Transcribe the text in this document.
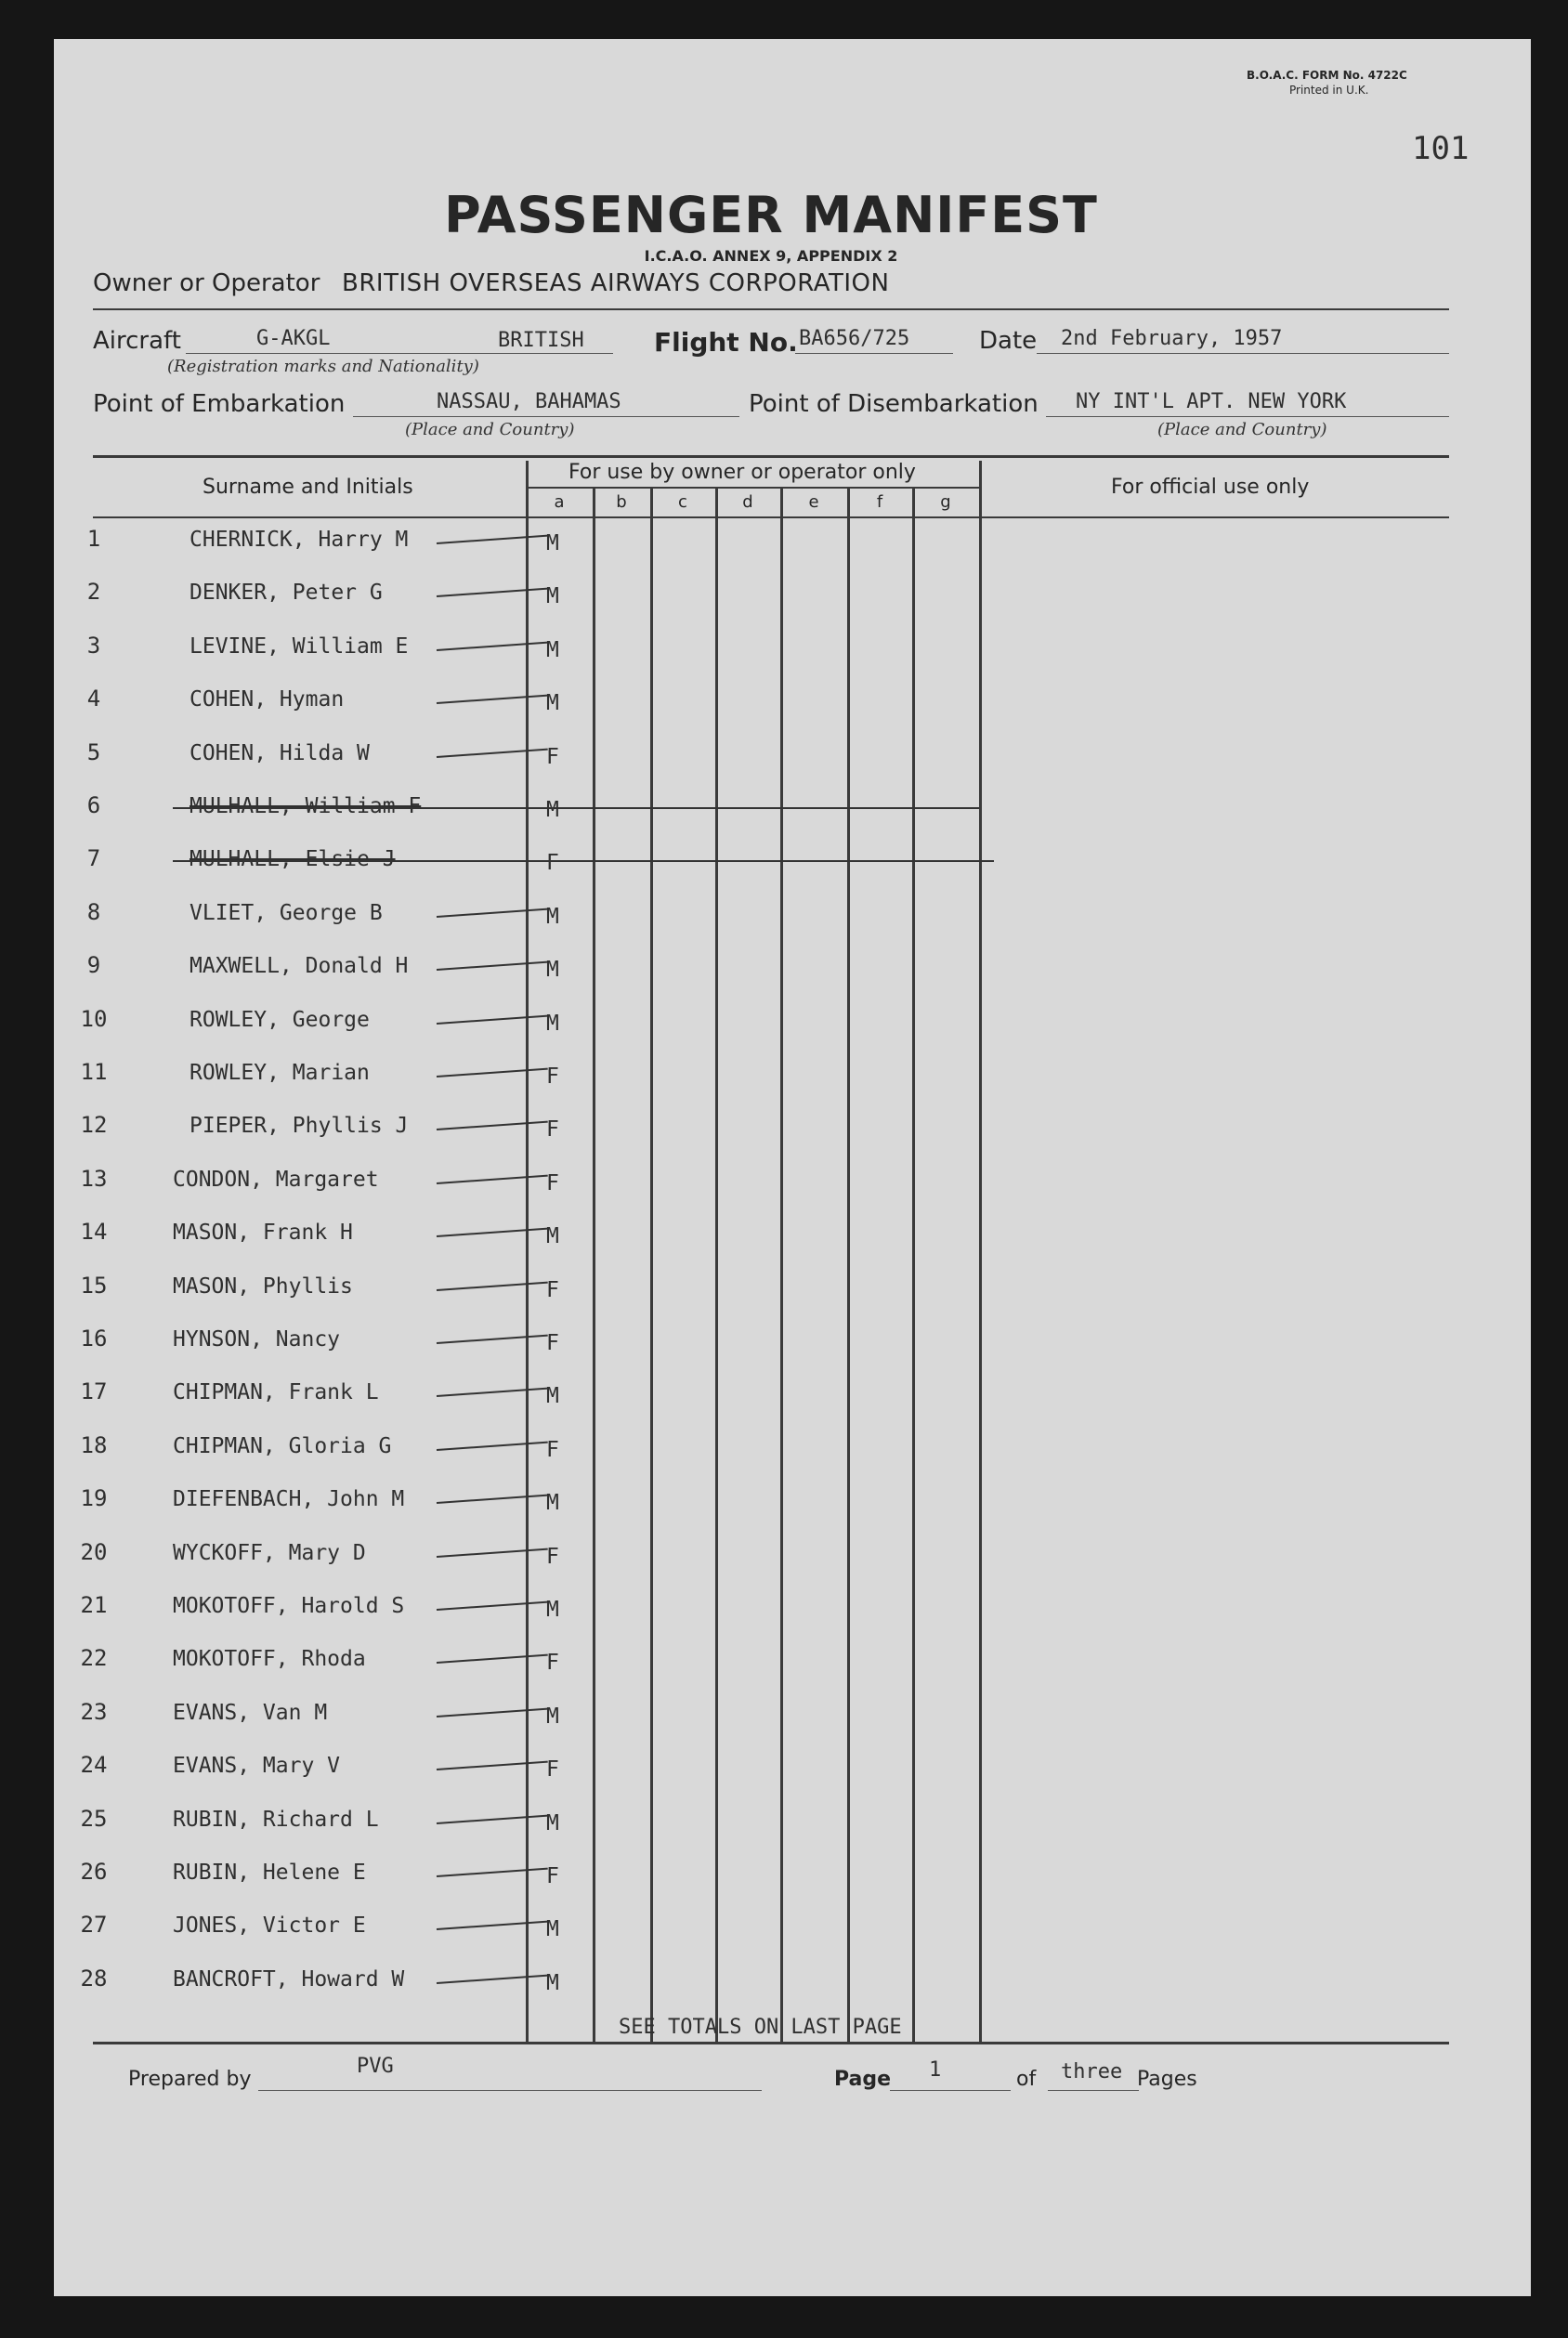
B.O.A.C. FORM No. 4722C
Printed in U.K.
101
PASSENGER MANIFEST
I.C.A.O. ANNEX 9, APPENDIX 2
Owner or Operator BRITISH OVERSEAS AIRWAYS CORPORATION
Aircraft	G-AKGL	BRITISH
(Registration marks and Nationality)
Flight No. BA656/725	Date 2nd February, 1957
Point of Embarkation	NASSAU, BAHAMAS
(Place and Country)
Point of Disembarkation NY INT'L APT. NEW YORK
(Place and Country)
Surname and Initials
For use by owner or operator only
For official use only
a	b	c	d	e	f	g
SEE TOTALS ON LAST PAGE
1	CHERNICK, Harry M	M
2	DENKER, Peter G	M
3	LEVINE, William E	M
4	COHEN, Hyman	M
5	COHEN, Hilda W	F
6	MULHALL, William F	M
7	MULHALL, Elsie J	F
8	VLIET, George B	M
9	MAXWELL, Donald H	M
10	ROWLEY, George	M
11	ROWLEY, Marian	F
12	PIEPER, Phyllis J	F
13	CONDON, Margaret	F
14	MASON, Frank H	M
15	MASON, Phyllis	F
16	HYNSON, Nancy	F
17	CHIPMAN, Frank L	M
18	CHIPMAN, Gloria G	F
19	DIEFENBACH, John M	M
20	WYCKOFF, Mary D	F
21	MOKOTOFF, Harold S	M
22	MOKOTOFF, Rhoda	F
23	EVANS, Van M	M
24	EVANS, Mary V	F
25	RUBIN, Richard L	M
26	RUBIN, Helene E	F
27	JONES, Victor E	M
28	BANCROFT, Howard W	M
Prepared by
PVG
Page 1	of three Pages
